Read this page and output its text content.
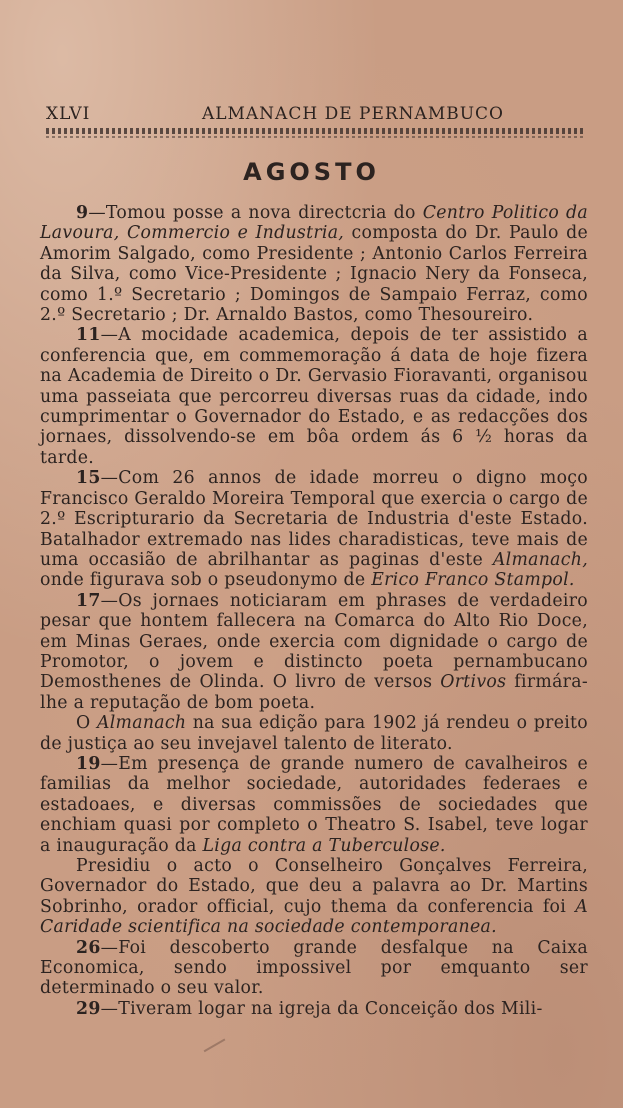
XLVI	ALMANACH DE PERNAMBUCO
AGOSTO

9—Tomou posse a nova directcria do Centro Politico da Lavoura, Commercio e Industria, composta do Dr. Paulo de Amorim Salgado, como Presidente ; Antonio Carlos Ferreira da Silva, como Vice-Presidente ; Ignacio Nery da Fonseca, como 1.º Secretario ; Domingos de Sampaio Ferraz, como 2.º Secretario ; Dr. Arnaldo Bastos, como Thesoureiro.

11—A mocidade academica, depois de ter assistido a conferencia que, em commemoração á data de hoje fizera na Academia de Direito o Dr. Gervasio Fioravanti, organisou uma passeiata que percorreu diversas ruas da cidade, indo cumprimentar o Governador do Estado, e as redacções dos jornaes, dissolvendo-se em bôa ordem ás 6 ½ horas da tarde.

15—Com 26 annos de idade morreu o digno moço Francisco Geraldo Moreira Temporal que exercia o cargo de 2.º Escripturario da Secretaria de Industria d'este Estado. Batalhador extremado nas lides charadisticas, teve mais de uma occasião de abrilhantar as paginas d'este Almanach, onde figurava sob o pseudonymo de Erico Franco Stampol.

17—Os jornaes noticiaram em phrases de verdadeiro pesar que hontem fallecera na Comarca do Alto Rio Doce, em Minas Geraes, onde exercia com dignidade o cargo de Promotor, o jovem e distincto poeta pernambucano Demosthenes de Olinda. O livro de versos Ortivos firmára-lhe a reputação de bom poeta.

O Almanach na sua edição para 1902 já rendeu o preito de justiça ao seu invejavel talento de literato.

19—Em presença de grande numero de cavalheiros e familias da melhor sociedade, autoridades federaes e estadoaes, e diversas commissões de sociedades que enchiam quasi por completo o Theatro S. Isabel, teve logar a inauguração da Liga contra a Tuberculose.

Presidiu o acto o Conselheiro Gonçalves Ferreira, Governador do Estado, que deu a palavra ao Dr. Martins Sobrinho, orador official, cujo thema da conferencia foi A Caridade scientifica na sociedade contemporanea.

26—Foi descoberto grande desfalque na Caixa Economica, sendo impossivel por emquanto ser determinado o seu valor.

29—Tiveram logar na igreja da Conceição dos Mili-
